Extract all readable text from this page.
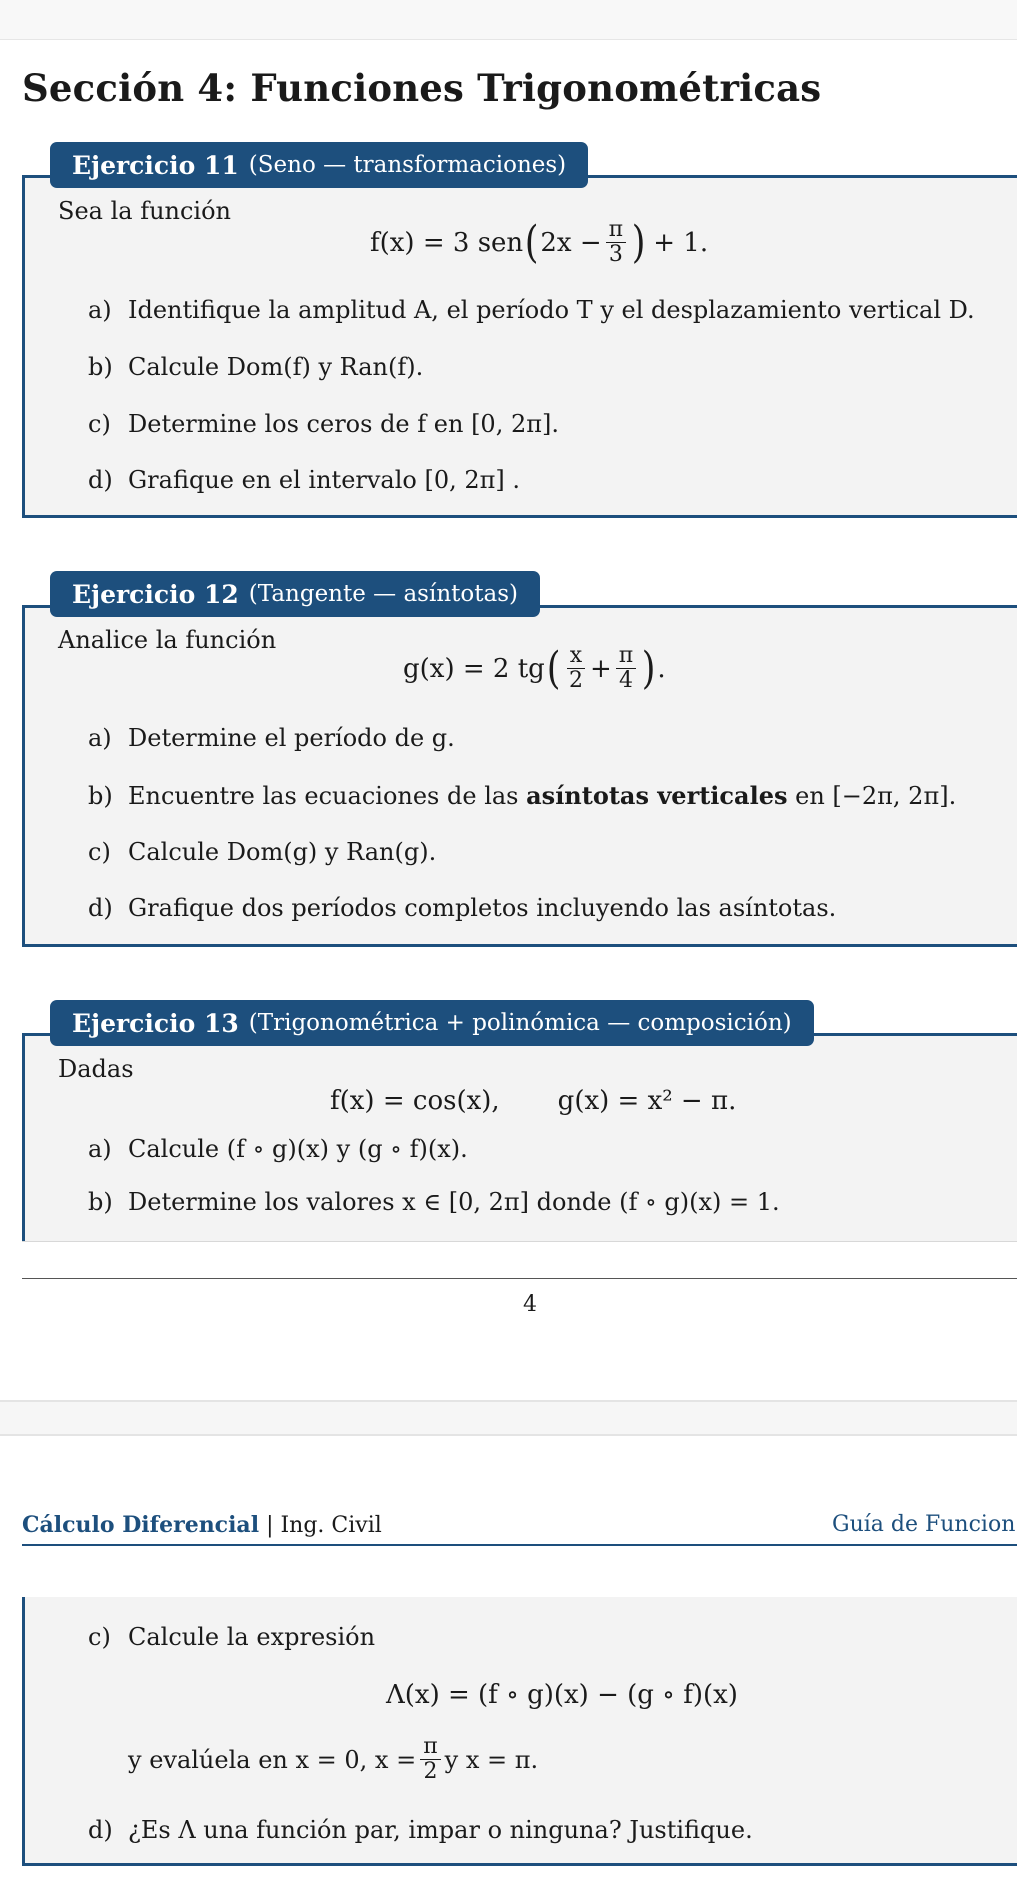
Sección 4: Funciones Trigonométricas
Ejercicio 11 (Seno — transformaciones)
Sea la función
f(x) = 3 sen ( $2x - \frac{\pi}{3}$ ) + 1.
a) Identifique la amplitud A, el período T y el desplazamiento vertical D.
b) Calcule Dom(f) y Ran(f).
c) Determine los ceros de f en [0, 2π].
d) Grafique en el intervalo [0, 2π] .
Ejercicio 12 (Tangente — asíntotas)
Analice la función
g(x) = 2 tg ( $\frac{x}{2} + \frac{\pi}{4}$ ) .
a) Determine el período de g.
b) Encuentre las ecuaciones de las asíntotas verticales en [−2π, 2π].
c) Calcule Dom(g) y Ran(g).
d) Grafique dos períodos completos incluyendo las asíntotas.
Ejercicio 13 (Trigonométrica + polinómica — composición)
Dadas
f(x) = cos(x), g(x) = x² − π.
a) Calcule (f ∘ g)(x) y (g ∘ f)(x).
b) Determine los valores x ∈ [0, 2π] donde (f ∘ g)(x) = 1.
4
Cálculo Diferencial | Ing. Civil	Guía de Funcion
c) Calcule la expresión
Λ(x) = (f ∘ g)(x) − (g ∘ f)(x)
y evalúela en x = 0, $x = \frac{\pi}{2}$ y x = π.
d) ¿Es Λ una función par, impar o ninguna? Justifique.
